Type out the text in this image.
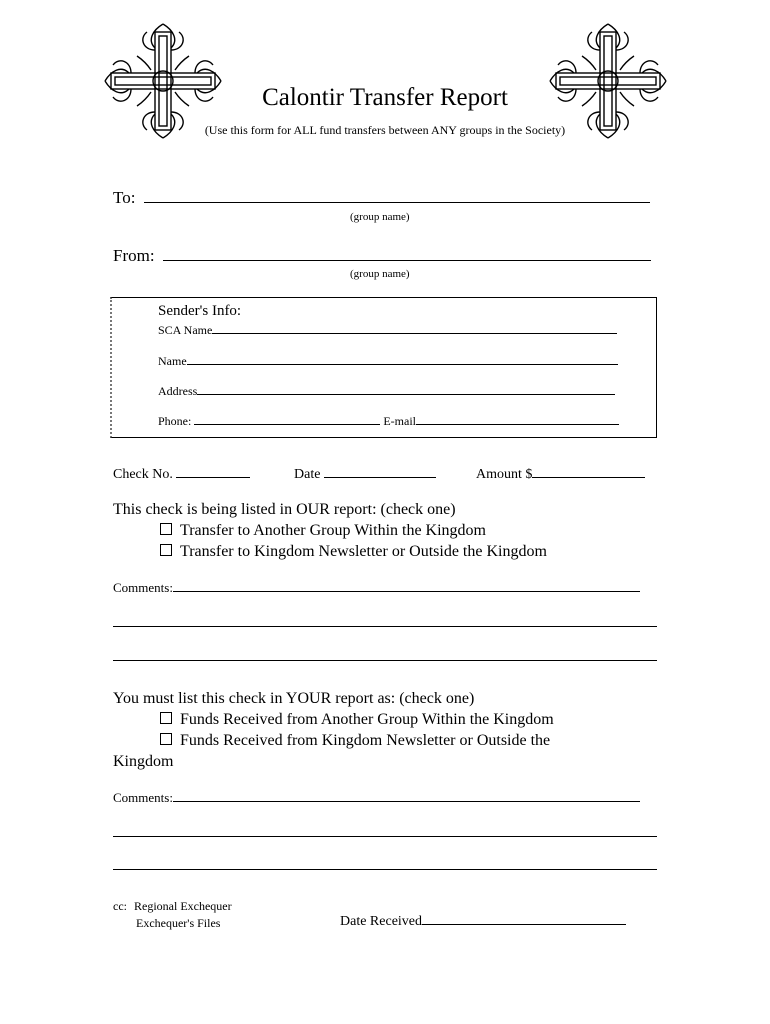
Calontir Transfer Report
(Use this form for ALL fund transfers between ANY groups in the Society)
To:
(group name)
From:
(group name)
Sender's Info:
SCA Name
Name
Address
Phone:	E-mail
Check No.	Date	Amount $
This check is being listed in OUR report: (check one)
Transfer to Another Group Within the Kingdom
Transfer to Kingdom Newsletter or Outside the Kingdom
Comments:
You must list this check in YOUR report as: (check one)
Funds Received from Another Group Within the Kingdom
Funds Received from Kingdom Newsletter or Outside the
Kingdom
Comments:
cc: Regional Exchequer
Exchequer's Files	Date Received
